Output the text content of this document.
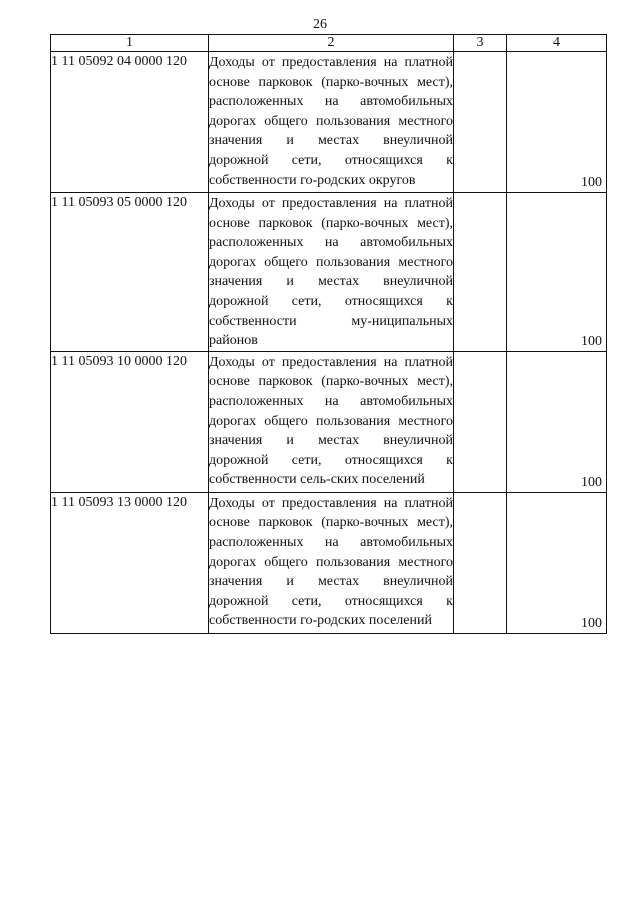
26
1	2	3	4
1 11 05092 04 0000 120	Доходы от предоставления на платной основе парковок (парко-вочных мест), расположенных на автомобильных дорогах общего пользования местного значения и местах внеуличной дорожной сети, относящихся к собственности го-родских округов		100

1 11 05093 05 0000 120	Доходы от предоставления на платной основе парковок (парко-вочных мест), расположенных на автомобильных дорогах общего пользования местного значения и местах внеуличной дорожной сети, относящихся к собственности му-ниципальных районов		100

1 11 05093 10 0000 120	Доходы от предоставления на платной основе парковок (парко-вочных мест), расположенных на автомобильных дорогах общего пользования местного значения и местах внеуличной дорожной сети, относящихся к собственности сель-ских поселений		100

1 11 05093 13 0000 120	Доходы от предоставления на платной основе парковок (парко-вочных мест), расположенных на автомобильных дорогах общего пользования местного значения и местах внеуличной дорожной сети, относящихся к собственности го-родских поселений		100
